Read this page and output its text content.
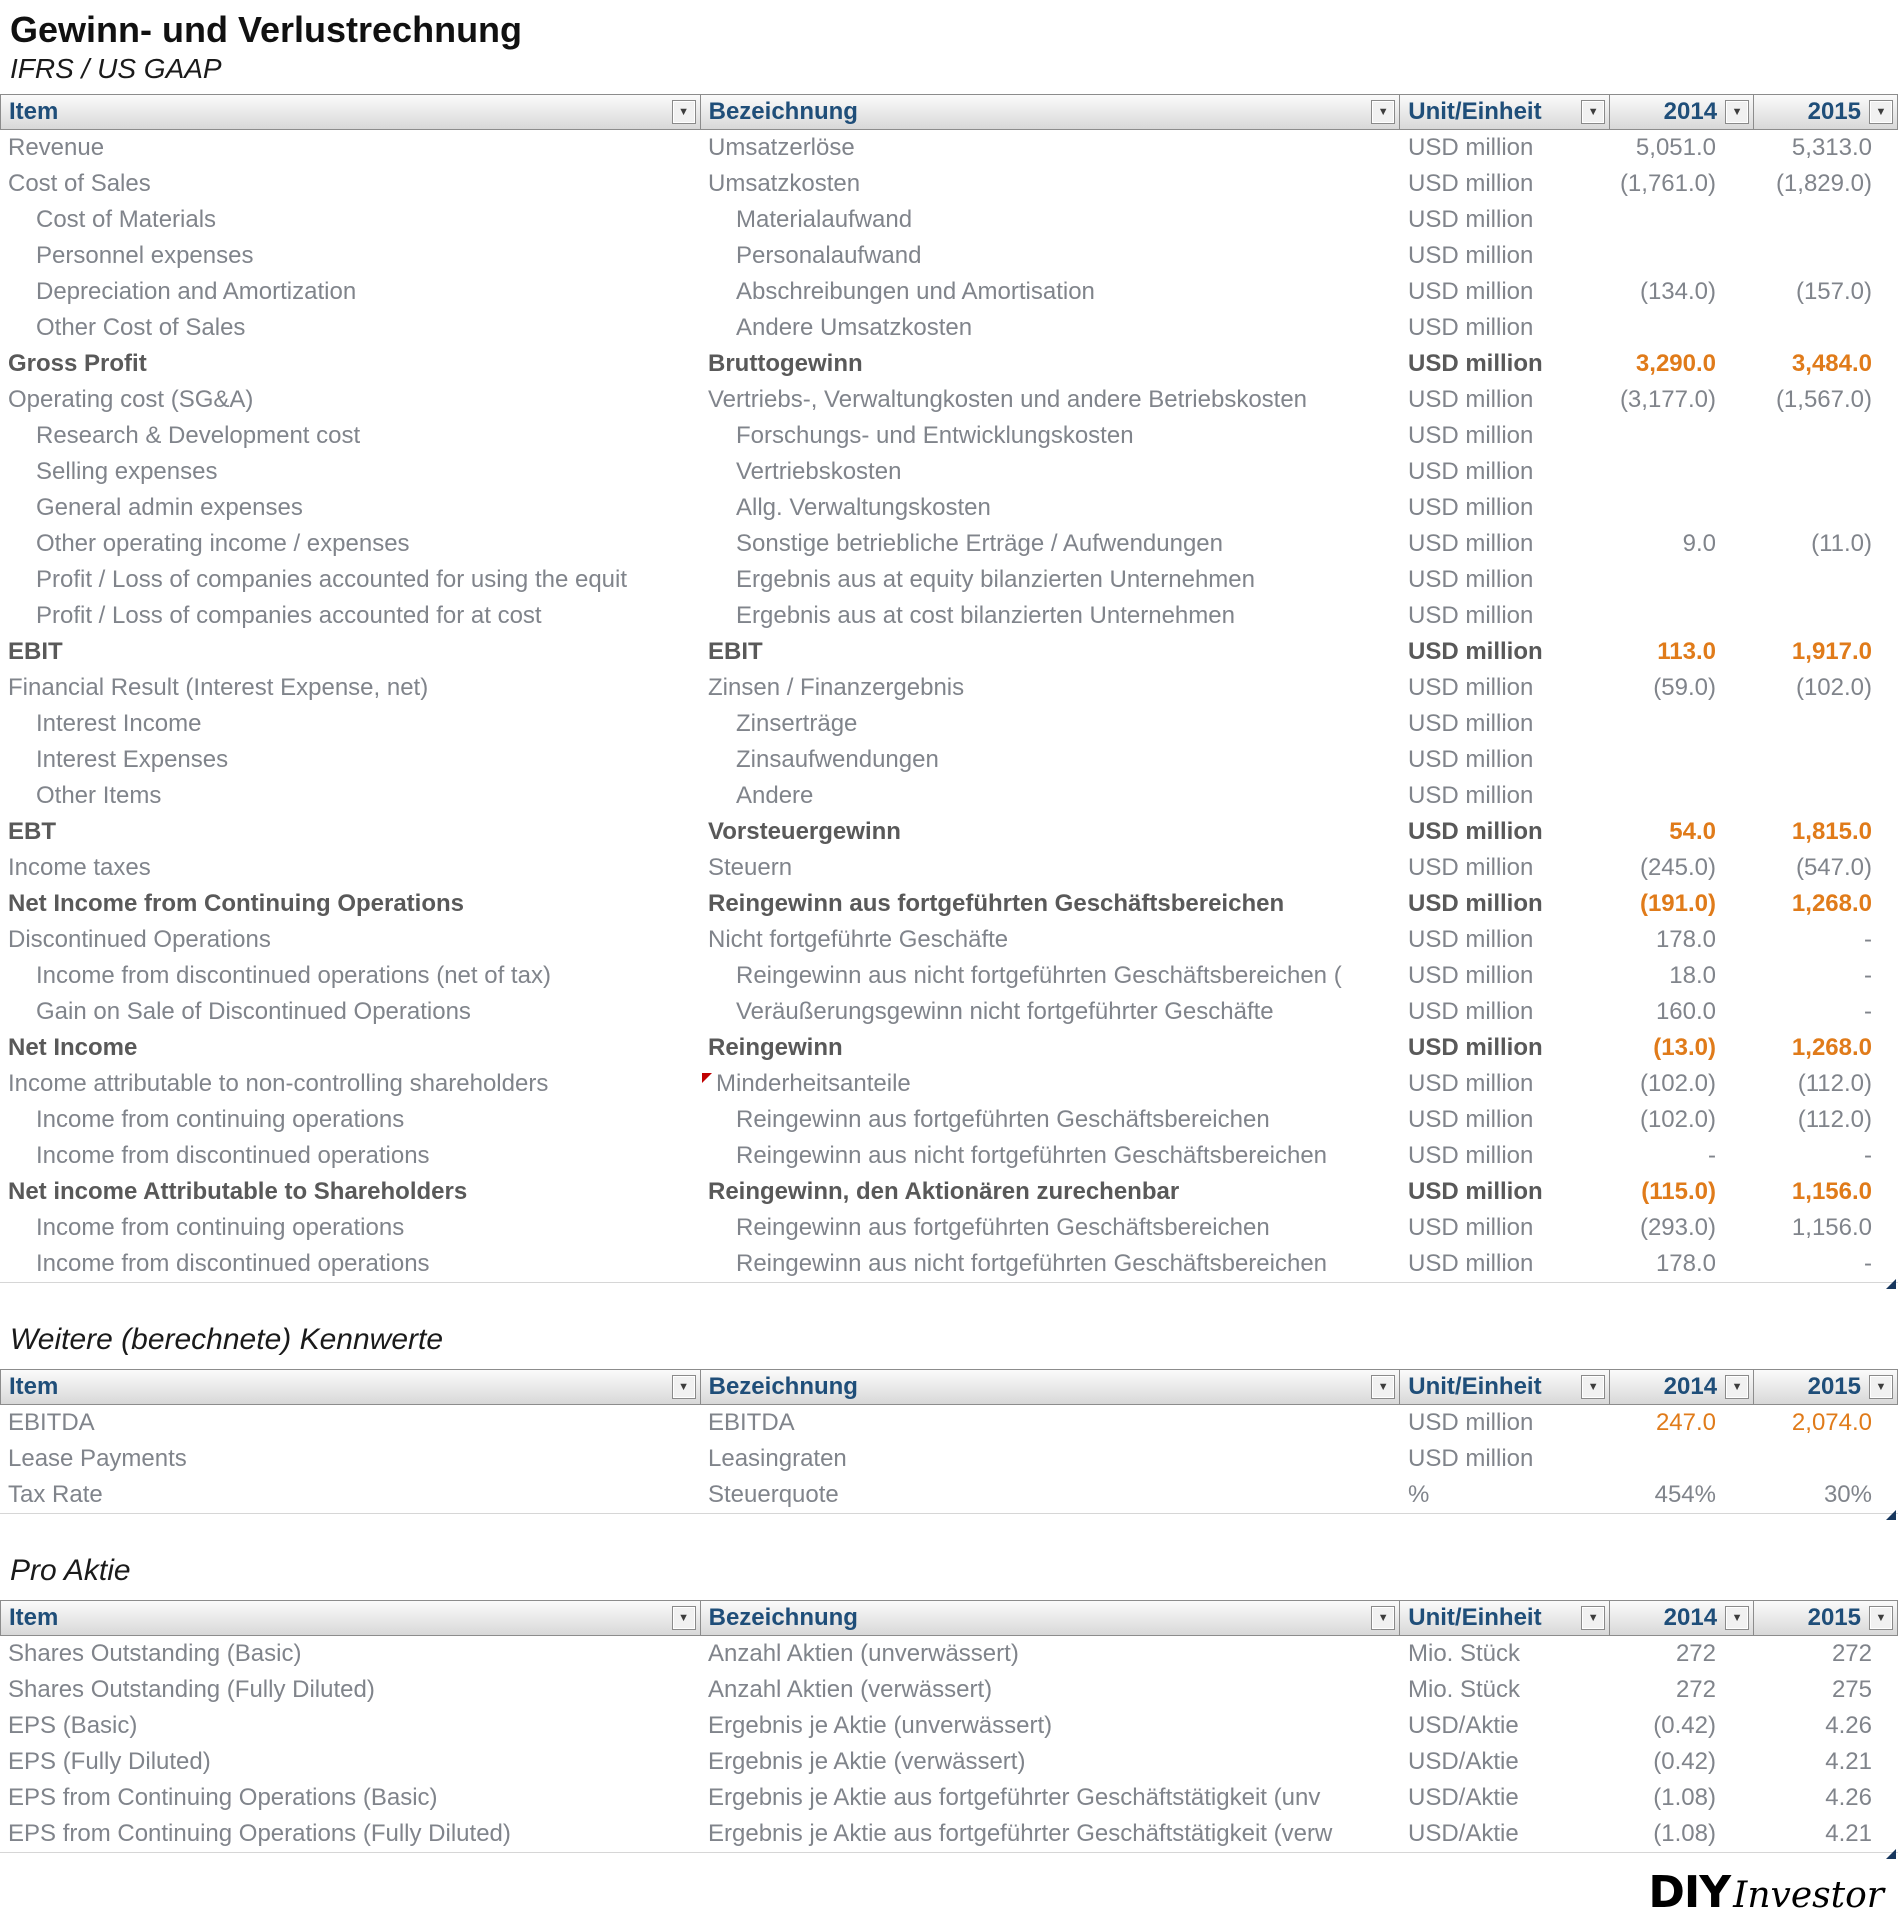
Gewinn- und Verlustrechnung
IFRS / US GAAP
Item	▼ Bezeichnung	▼ Unit/Einheit	▼	2014 ▼	2015 ▼
Revenue	Umsatzerlöse	USD million	5,051.0	5,313.0
Cost of Sales	Umsatzkosten	USD million	(1,761.0)	(1,829.0)
Cost of Materials	Materialaufwand	USD million
Personnel expenses	Personalaufwand	USD million
Depreciation and Amortization	Abschreibungen und Amortisation	USD million	(134.0)	(157.0)
Other Cost of Sales	Andere Umsatzkosten	USD million
Gross Profit	Bruttogewinn	USD million	3,290.0	3,484.0
Operating cost (SG&A)	Vertriebs-, Verwaltungkosten und andere Betriebskosten	USD million	(3,177.0)	(1,567.0)
Research & Development cost	Forschungs- und Entwicklungskosten	USD million
Selling expenses	Vertriebskosten	USD million
General admin expenses	Allg. Verwaltungskosten	USD million
Other operating income / expenses	Sonstige betriebliche Erträge / Aufwendungen	USD million	9.0	(11.0)
Profit / Loss of companies accounted for using the equit	Ergebnis aus at equity bilanzierten Unternehmen	USD million
Profit / Loss of companies accounted for at cost	Ergebnis aus at cost bilanzierten Unternehmen	USD million
EBIT	EBIT	USD million	113.0	1,917.0
Financial Result (Interest Expense, net)	Zinsen / Finanzergebnis	USD million	(59.0)	(102.0)
Interest Income	Zinserträge	USD million
Interest Expenses	Zinsaufwendungen	USD million
Other Items	Andere	USD million
EBT	Vorsteuergewinn	USD million	54.0	1,815.0
Income taxes	Steuern	USD million	(245.0)	(547.0)
Net Income from Continuing Operations	Reingewinn aus fortgeführten Geschäftsbereichen	USD million	(191.0)	1,268.0
Discontinued Operations	Nicht fortgeführte Geschäfte	USD million	178.0	-
Income from discontinued operations (net of tax)	Reingewinn aus nicht fortgeführten Geschäftsbereichen (	USD million	18.0	-
Gain on Sale of Discontinued Operations	Veräußerungsgewinn nicht fortgeführter Geschäfte	USD million	160.0	-
Net Income	Reingewinn	USD million	(13.0)	1,268.0
Income attributable to non-controlling shareholders	Minderheitsanteile	USD million	(102.0)	(112.0)
Income from continuing operations	Reingewinn aus fortgeführten Geschäftsbereichen	USD million	(102.0)	(112.0)
Income from discontinued operations	Reingewinn aus nicht fortgeführten Geschäftsbereichen	USD million	-	-
Net income Attributable to Shareholders	Reingewinn, den Aktionären zurechenbar	USD million	(115.0)	1,156.0
Income from continuing operations	Reingewinn aus fortgeführten Geschäftsbereichen	USD million	(293.0)	1,156.0
Income from discontinued operations	Reingewinn aus nicht fortgeführten Geschäftsbereichen	USD million	178.0	-
Weitere (berechnete) Kennwerte
Item	▼ Bezeichnung	▼ Unit/Einheit	▼	2014 ▼	2015 ▼
EBITDA	EBITDA	USD million	247.0	2,074.0
Lease Payments	Leasingraten	USD million
Tax Rate	Steuerquote	%	454%	30%
Pro Aktie
Item	▼ Bezeichnung	▼ Unit/Einheit	▼	2014 ▼	2015 ▼
Shares Outstanding (Basic)	Anzahl Aktien (unverwässert)	Mio. Stück	272	272
Shares Outstanding (Fully Diluted)	Anzahl Aktien (verwässert)	Mio. Stück	272	275
EPS (Basic)	Ergebnis je Aktie (unverwässert)	USD/Aktie	(0.42)	4.26
EPS (Fully Diluted)	Ergebnis je Aktie (verwässert)	USD/Aktie	(0.42)	4.21
EPS from Continuing Operations (Basic)	Ergebnis je Aktie aus fortgeführter Geschäftstätigkeit (unv	USD/Aktie	(1.08)	4.26
EPS from Continuing Operations (Fully Diluted)	Ergebnis je Aktie aus fortgeführter Geschäftstätigkeit (verw	USD/Aktie	(1.08)	4.21
DIY Investor
